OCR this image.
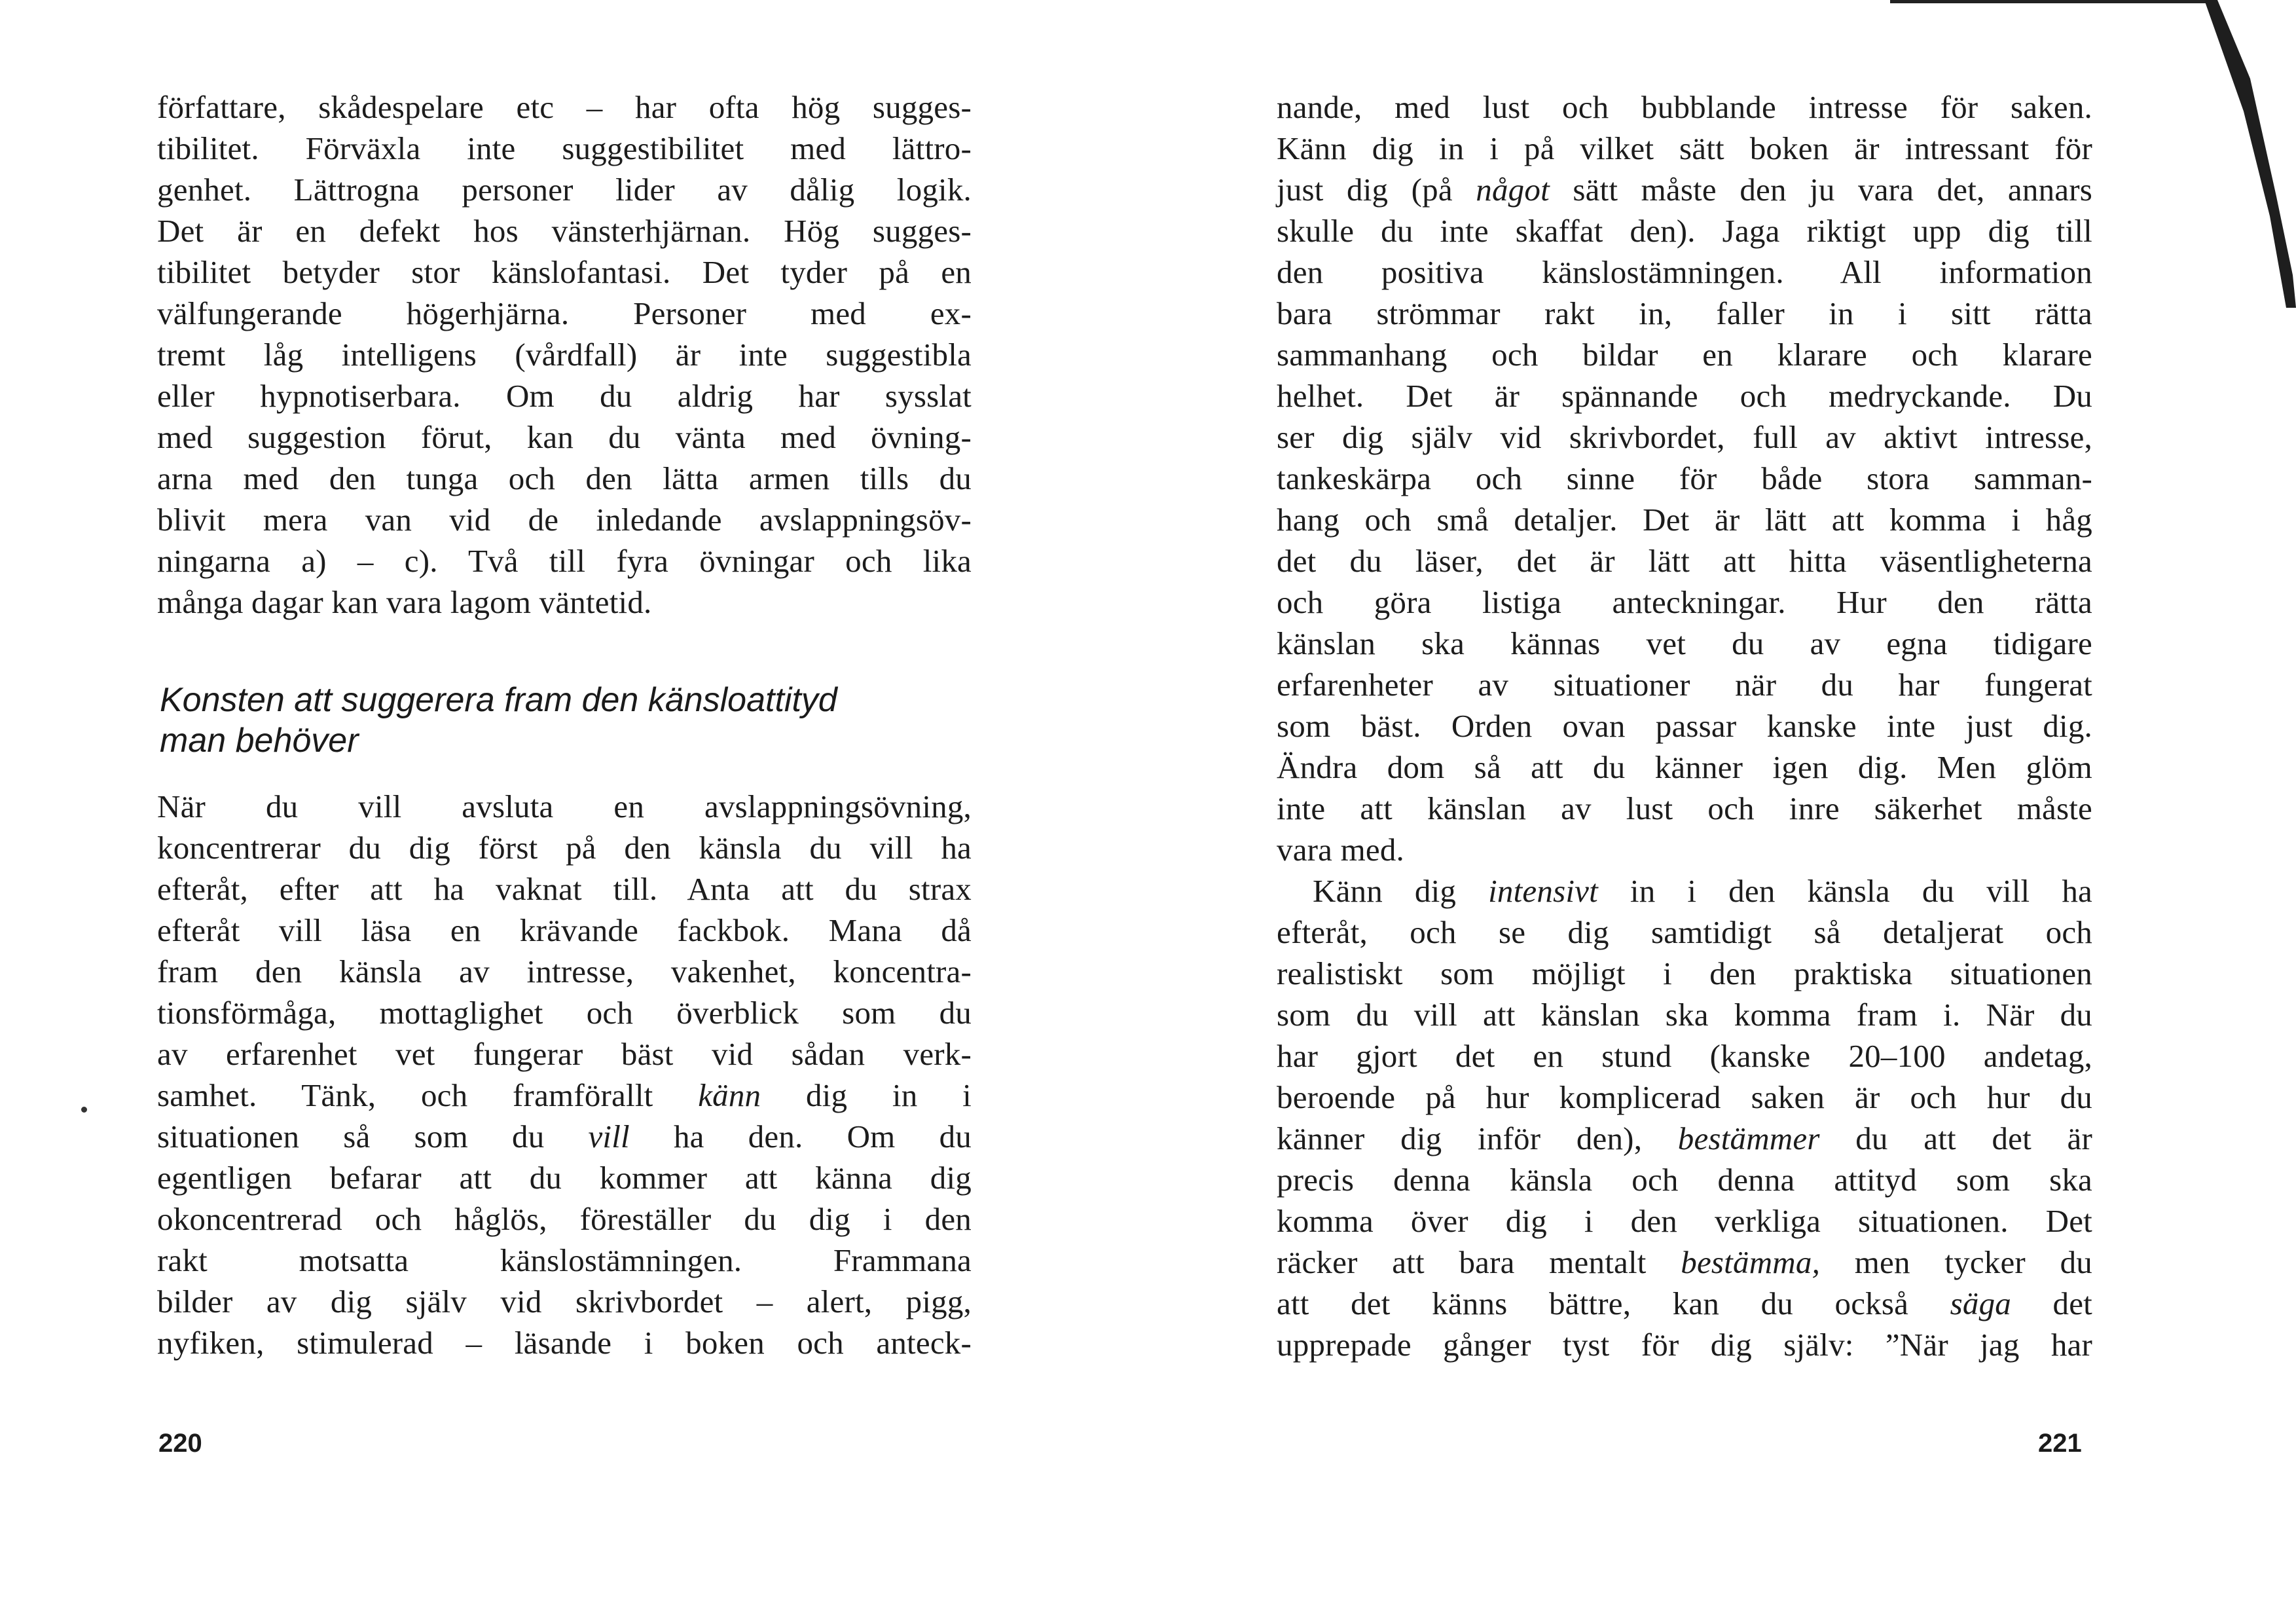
författare, skådespelare etc – har ofta hög sugges-
tibilitet. Förväxla inte suggestibilitet med lättro-
genhet. Lättrogna personer lider av dålig logik.
Det är en defekt hos vänsterhjärnan. Hög sugges-
tibilitet betyder stor känslofantasi. Det tyder på en
välfungerande högerhjärna. Personer med ex-
tremt låg intelligens (vårdfall) är inte suggestibla
eller hypnotiserbara. Om du aldrig har sysslat
med suggestion förut, kan du vänta med övning-
arna med den tunga och den lätta armen tills du
blivit mera van vid de inledande avslappningsöv-
ningarna a) – c). Två till fyra övningar och lika
många dagar kan vara lagom väntetid.
Konsten att suggerera fram den känsloattityd
man behöver
När du vill avsluta en avslappningsövning,
koncentrerar du dig först på den känsla du vill ha
efteråt, efter att ha vaknat till. Anta att du strax
efteråt vill läsa en krävande fackbok. Mana då
fram den känsla av intresse, vakenhet, koncentra-
tionsförmåga, mottaglighet och överblick som du
av erfarenhet vet fungerar bäst vid sådan verk-
samhet. Tänk, och framförallt känn dig in i
situationen så som du vill ha den. Om du
egentligen befarar att du kommer att känna dig
okoncentrerad och håglös, föreställer du dig i den
rakt motsatta känslostämningen. Frammana
bilder av dig själv vid skrivbordet – alert, pigg,
nyfiken, stimulerad – läsande i boken och anteck-
220
nande, med lust och bubblande intresse för saken.
Känn dig in i på vilket sätt boken är intressant för
just dig (på något sätt måste den ju vara det, annars
skulle du inte skaffat den). Jaga riktigt upp dig till
den positiva känslostämningen. All information
bara strömmar rakt in, faller in i sitt rätta
sammanhang och bildar en klarare och klarare
helhet. Det är spännande och medryckande. Du
ser dig själv vid skrivbordet, full av aktivt intresse,
tankeskärpa och sinne för både stora samman-
hang och små detaljer. Det är lätt att komma i håg
det du läser, det är lätt att hitta väsentligheterna
och göra listiga anteckningar. Hur den rätta
känslan ska kännas vet du av egna tidigare
erfarenheter av situationer när du har fungerat
som bäst. Orden ovan passar kanske inte just dig.
Ändra dom så att du känner igen dig. Men glöm
inte att känslan av lust och inre säkerhet måste
vara med.
Känn dig intensivt in i den känsla du vill ha
efteråt, och se dig samtidigt så detaljerat och
realistiskt som möjligt i den praktiska situationen
som du vill att känslan ska komma fram i. När du
har gjort det en stund (kanske 20–100 andetag,
beroende på hur komplicerad saken är och hur du
känner dig inför den), bestämmer du att det är
precis denna känsla och denna attityd som ska
komma över dig i den verkliga situationen. Det
räcker att bara mentalt bestämma, men tycker du
att det känns bättre, kan du också säga det
upprepade gånger tyst för dig själv: ”När jag har
221
